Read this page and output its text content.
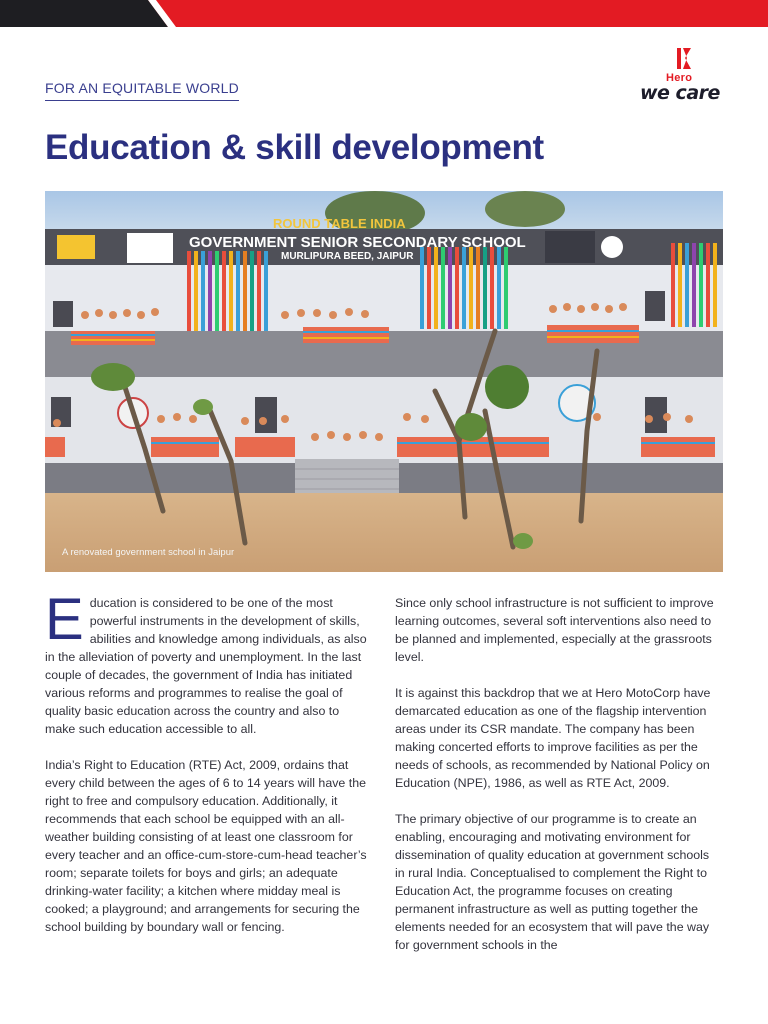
FOR AN EQUITABLE WORLD
Hero
we care
Education & skill development
ROUND TABLE INDIA
GOVERNMENT SENIOR SECONDARY SCHOOL
MURLIPURA BEED, JAIPUR
A renovated government school in Jaipur

Education is considered to be one of the most powerful instruments in the development of skills, abilities and knowledge among individuals, as also in the alleviation of poverty and unemployment. In the last couple of decades, the government of India has initiated various reforms and programmes to realise the goal of quality basic education across the country and also to make such education accessible to all.

India’s Right to Education (RTE) Act, 2009, ordains that every child between the ages of 6 to 14 years will have the right to free and compulsory education. Additionally, it recommends that each school be equipped with an all-weather building consisting of at least one classroom for every teacher and an office-cum-store-cum-head teacher’s room; separate toilets for boys and girls; an adequate drinking-water facility; a kitchen where midday meal is cooked; a playground; and arrangements for securing the school building by boundary wall or fencing.

Since only school infrastructure is not sufficient to improve learning outcomes, several soft interventions also need to be planned and implemented, especially at the grassroots level.

It is against this backdrop that we at Hero MotoCorp have demarcated education as one of the flagship intervention areas under its CSR mandate. The company has been making concerted efforts to improve facilities as per the needs of schools, as recommended by National Policy on Education (NPE), 1986, as well as RTE Act, 2009.

The primary objective of our programme is to create an enabling, encouraging and motivating environment for dissemination of quality education at government schools in rural India. Conceptualised to complement the Right to Education Act, the programme focuses on creating permanent infrastructure as well as putting together the elements needed for an ecosystem that will pave the way for government schools in the
